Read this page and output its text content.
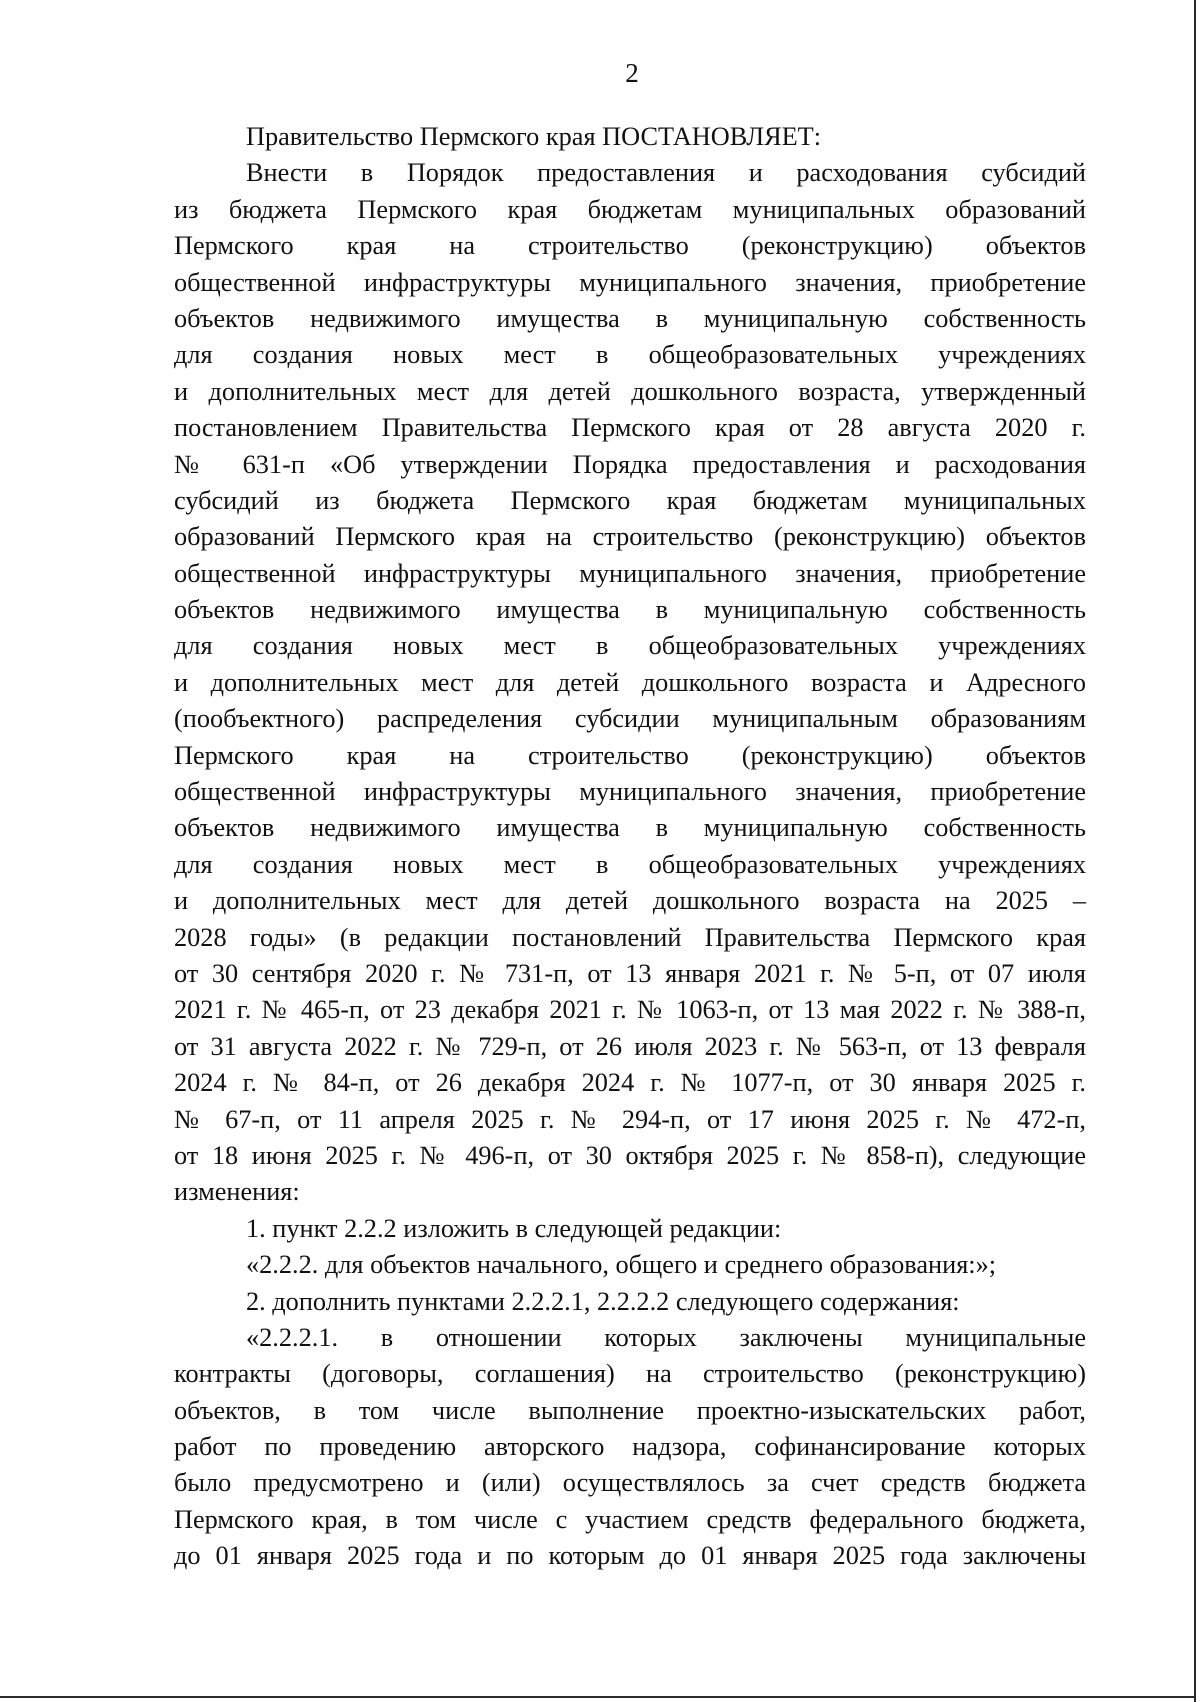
2
Правительство Пермского края ПОСТАНОВЛЯЕТ:
Внести в Порядок предоставления и расходования субсидий
из бюджета Пермского края бюджетам муниципальных образований
Пермского края на строительство (реконструкцию) объектов
общественной инфраструктуры муниципального значения, приобретение
объектов недвижимого имущества в муниципальную собственность
для создания новых мест в общеобразовательных учреждениях
и дополнительных мест для детей дошкольного возраста, утвержденный
постановлением Правительства Пермского края от 28 августа 2020 г.
№ 631-п «Об утверждении Порядка предоставления и расходования
субсидий из бюджета Пермского края бюджетам муниципальных
образований Пермского края на строительство (реконструкцию) объектов
общественной инфраструктуры муниципального значения, приобретение
объектов недвижимого имущества в муниципальную собственность
для создания новых мест в общеобразовательных учреждениях
и дополнительных мест для детей дошкольного возраста и Адресного
(пообъектного) распределения субсидии муниципальным образованиям
Пермского края на строительство (реконструкцию) объектов
общественной инфраструктуры муниципального значения, приобретение
объектов недвижимого имущества в муниципальную собственность
для создания новых мест в общеобразовательных учреждениях
и дополнительных мест для детей дошкольного возраста на 2025 –
2028 годы» (в редакции постановлений Правительства Пермского края
от 30 сентября 2020 г. № 731-п, от 13 января 2021 г. № 5-п, от 07 июля
2021 г. № 465-п, от 23 декабря 2021 г. № 1063-п, от 13 мая 2022 г. № 388-п,
от 31 августа 2022 г. № 729-п, от 26 июля 2023 г. № 563-п, от 13 февраля
2024 г. № 84-п, от 26 декабря 2024 г. № 1077-п, от 30 января 2025 г.
№ 67-п, от 11 апреля 2025 г. № 294-п, от 17 июня 2025 г. № 472-п,
от 18 июня 2025 г. № 496-п, от 30 октября 2025 г. № 858-п), следующие
изменения:
1. пункт 2.2.2 изложить в следующей редакции:
«2.2.2. для объектов начального, общего и среднего образования:»;
2. дополнить пунктами 2.2.2.1, 2.2.2.2 следующего содержания:
«2.2.2.1. в отношении которых заключены муниципальные
контракты (договоры, соглашения) на строительство (реконструкцию)
объектов, в том числе выполнение проектно-изыскательских работ,
работ по проведению авторского надзора, софинансирование которых
было предусмотрено и (или) осуществлялось за счет средств бюджета
Пермского края, в том числе с участием средств федерального бюджета,
до 01 января 2025 года и по которым до 01 января 2025 года заключены
